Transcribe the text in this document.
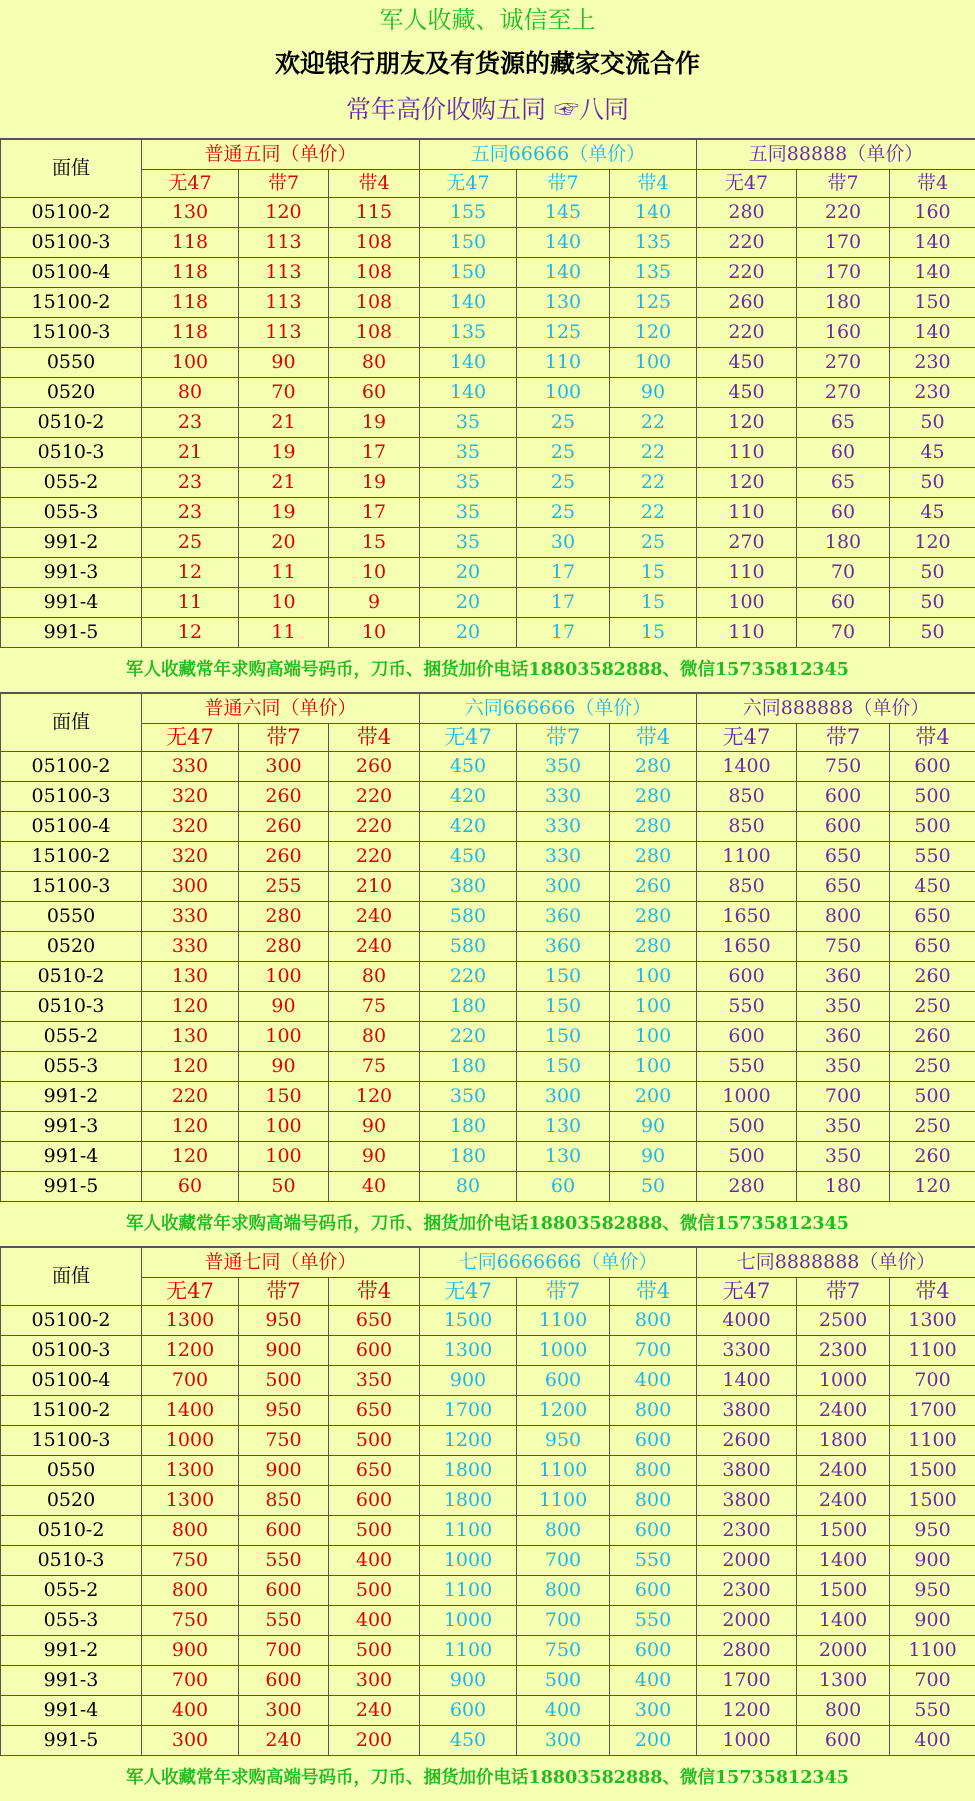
军人收藏、诚信至上
欢迎银行朋友及有货源的藏家交流合作
常年高价收购五同 ☞八同
面值	普通五同（单价）			五同66666（单价）			五同88888（单价）		
	无47	带7	带4	无47	带7	带4	无47	带7	带4
05100-2	130	120	115	155	145	140	280	220	160
05100-3	118	113	108	150	140	135	220	170	140
05100-4	118	113	108	150	140	135	220	170	140
15100-2	118	113	108	140	130	125	260	180	150
15100-3	118	113	108	135	125	120	220	160	140
0550	100	90	80	140	110	100	450	270	230
0520	80	70	60	140	100	90	450	270	230
0510-2	23	21	19	35	25	22	120	65	50
0510-3	21	19	17	35	25	22	110	60	45
055-2	23	21	19	35	25	22	120	65	50
055-3	23	19	17	35	25	22	110	60	45
991-2	25	20	15	35	30	25	270	180	120
991-3	12	11	10	20	17	15	110	70	50
991-4	11	10	9	20	17	15	100	60	50
991-5	12	11	10	20	17	15	110	70	50
军人收藏常年求购高端号码币，刀币、捆货加价电话18803582888、微信15735812345
面值	普通六同（单价）			六同666666（单价）			六同888888（单价）		
	无47	带7	带4	无47	带7	带4	无47	带7	带4
05100-2	330	300	260	450	350	280	1400	750	600
05100-3	320	260	220	420	330	280	850	600	500
05100-4	320	260	220	420	330	280	850	600	500
15100-2	320	260	220	450	330	280	1100	650	550
15100-3	300	255	210	380	300	260	850	650	450
0550	330	280	240	580	360	280	1650	800	650
0520	330	280	240	580	360	280	1650	750	650
0510-2	130	100	80	220	150	100	600	360	260
0510-3	120	90	75	180	150	100	550	350	250
055-2	130	100	80	220	150	100	600	360	260
055-3	120	90	75	180	150	100	550	350	250
991-2	220	150	120	350	300	200	1000	700	500
991-3	120	100	90	180	130	90	500	350	250
991-4	120	100	90	180	130	90	500	350	260
991-5	60	50	40	80	60	50	280	180	120
军人收藏常年求购高端号码币，刀币、捆货加价电话18803582888、微信15735812345
面值	普通七同（单价）			七同6666666（单价）			七同8888888（单价）		
	无47	带7	带4	无47	带7	带4	无47	带7	带4
05100-2	1300	950	650	1500	1100	800	4000	2500	1300
05100-3	1200	900	600	1300	1000	700	3300	2300	1100
05100-4	700	500	350	900	600	400	1400	1000	700
15100-2	1400	950	650	1700	1200	800	3800	2400	1700
15100-3	1000	750	500	1200	950	600	2600	1800	1100
0550	1300	900	650	1800	1100	800	3800	2400	1500
0520	1300	850	600	1800	1100	800	3800	2400	1500
0510-2	800	600	500	1100	800	600	2300	1500	950
0510-3	750	550	400	1000	700	550	2000	1400	900
055-2	800	600	500	1100	800	600	2300	1500	950
055-3	750	550	400	1000	700	550	2000	1400	900
991-2	900	700	500	1100	750	600	2800	2000	1100
991-3	700	600	300	900	500	400	1700	1300	700
991-4	400	300	240	600	400	300	1200	800	550
991-5	300	240	200	450	300	200	1000	600	400
军人收藏常年求购高端号码币，刀币、捆货加价电话18803582888、微信15735812345
